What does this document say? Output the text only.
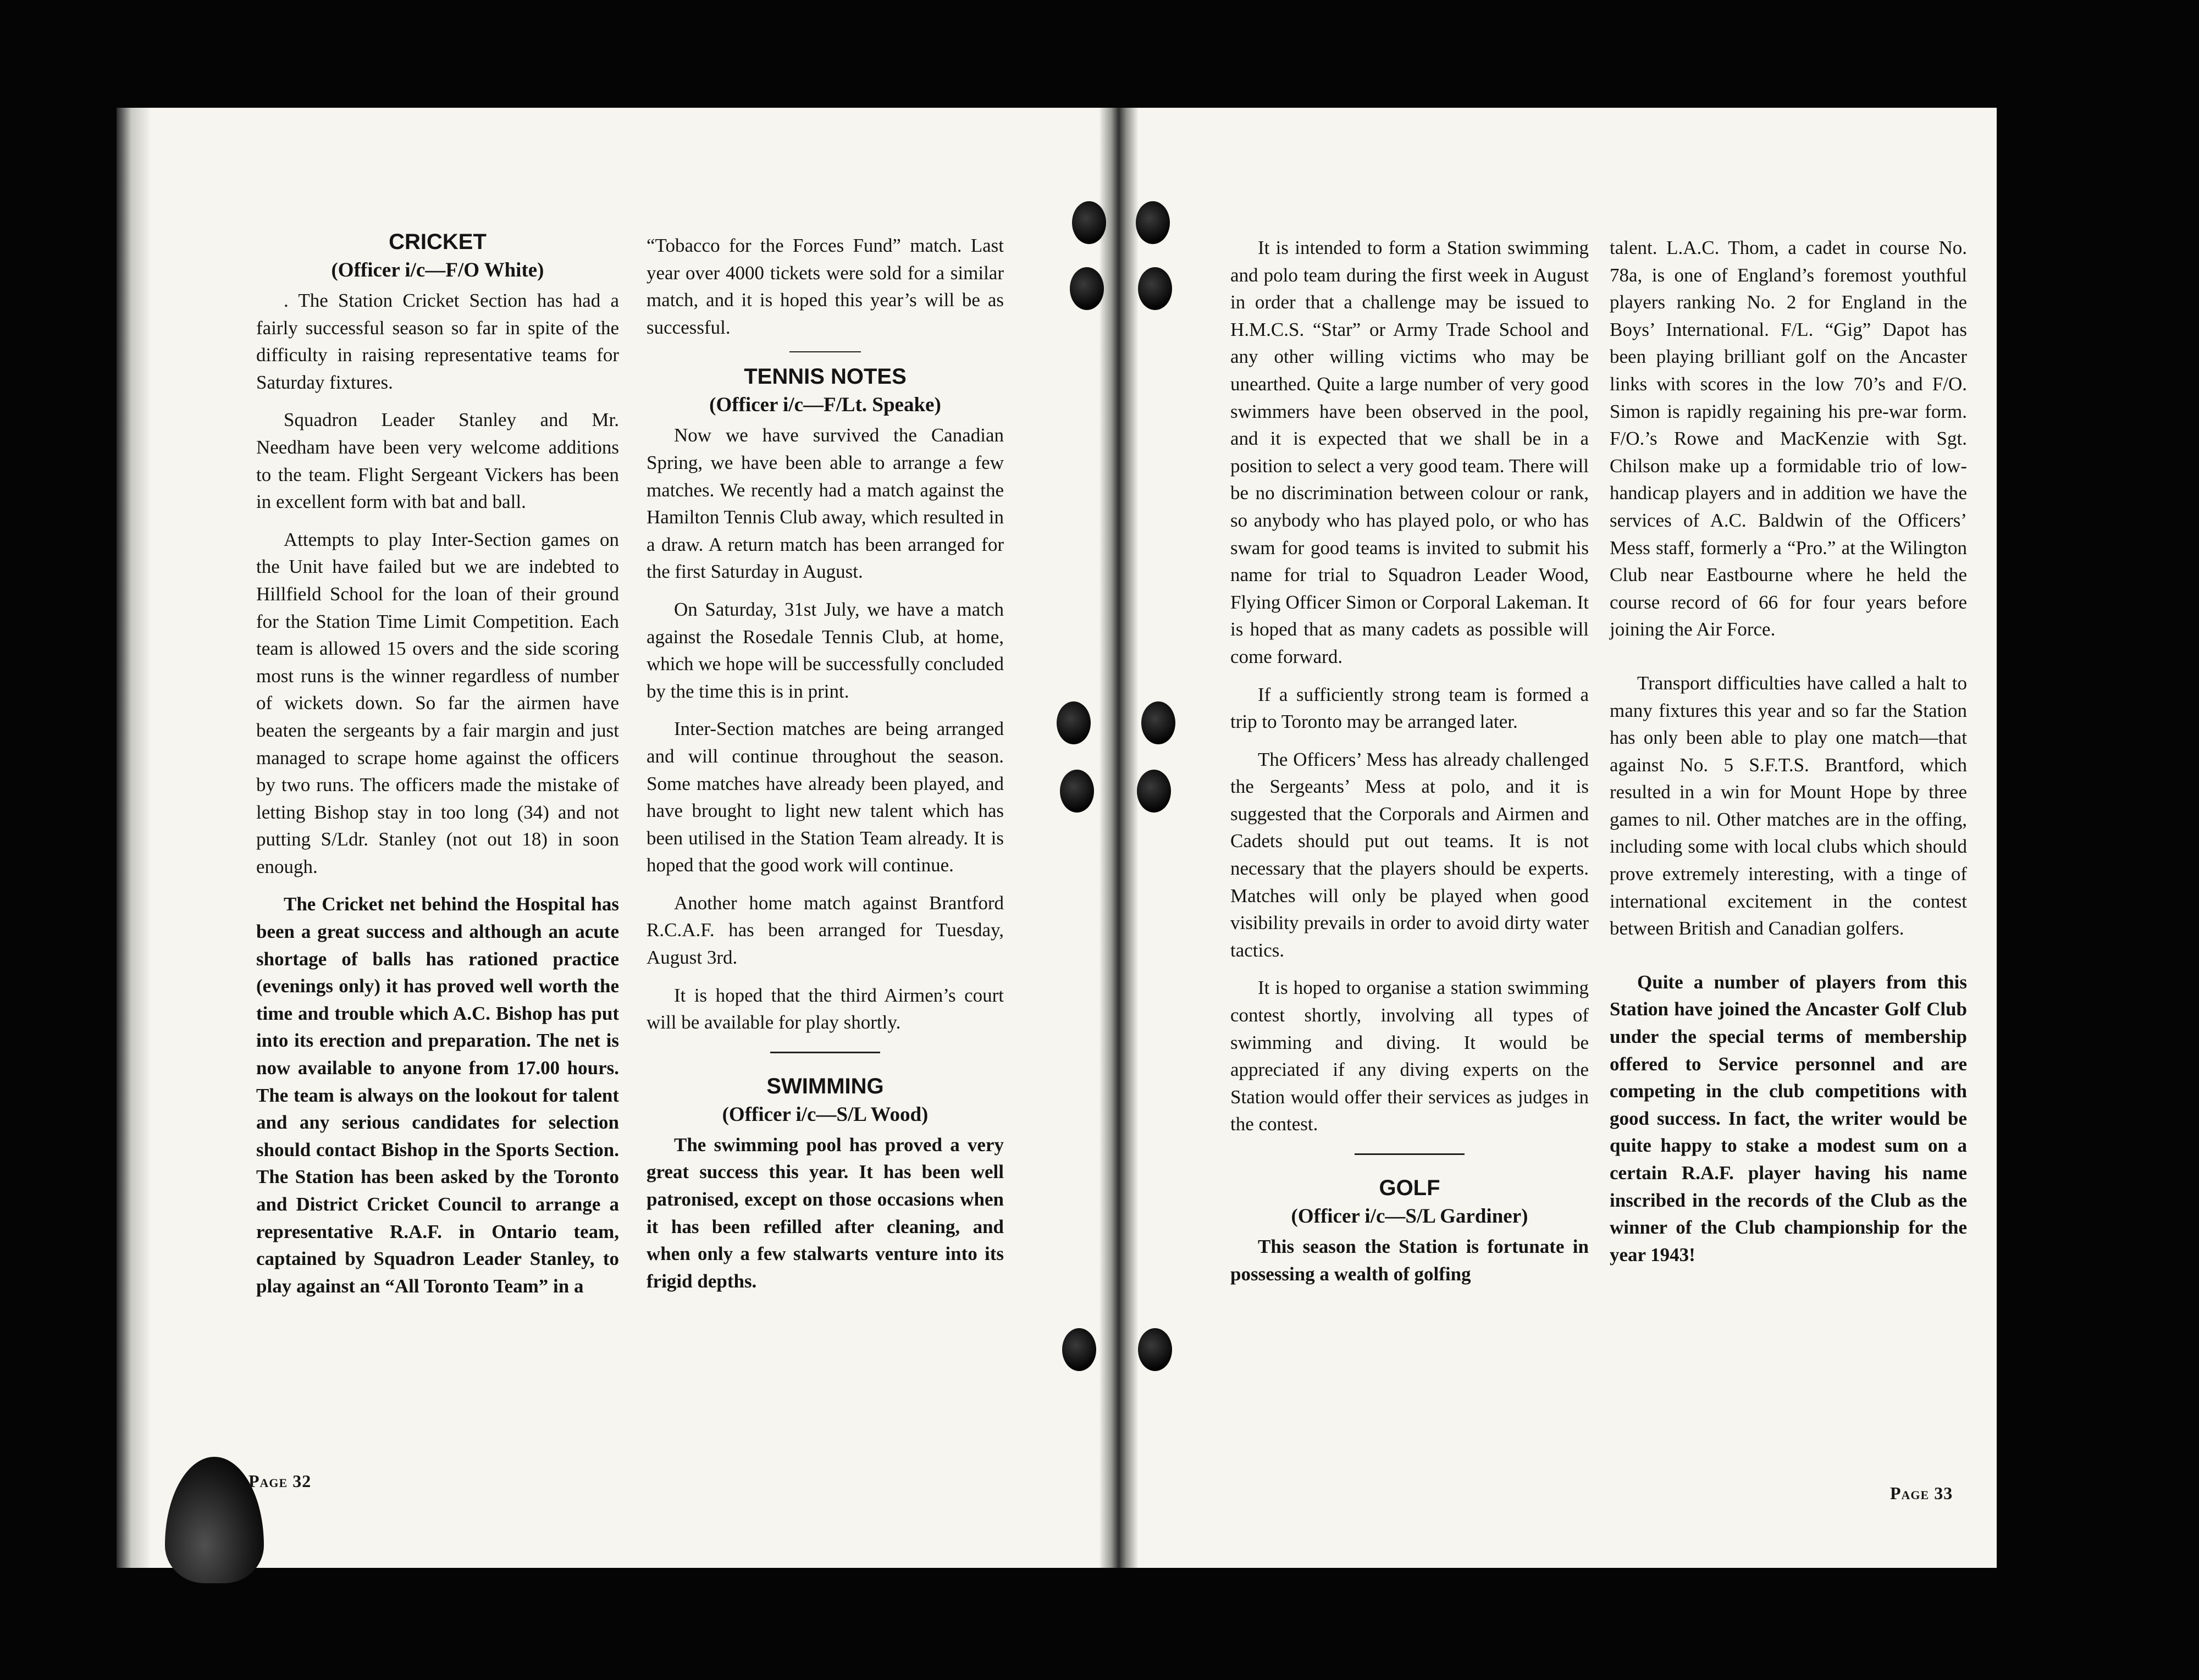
CRICKET
(Officer i/c—F/O White)

. The Station Cricket Section has had a fairly successful season so far in spite of the difficulty in raising representative teams for Saturday fixtures.

Squadron Leader Stanley and Mr. Needham have been very welcome additions to the team. Flight Sergeant Vickers has been in excellent form with bat and ball.

Attempts to play Inter-Section games on the Unit have failed but we are indebted to Hillfield School for the loan of their ground for the Station Time Limit Competition. Each team is allowed 15 overs and the side scoring most runs is the winner regardless of number of wickets down. So far the airmen have beaten the sergeants by a fair margin and just managed to scrape home against the officers by two runs. The officers made the mistake of letting Bishop stay in too long (34) and not putting S/Ldr. Stanley (not out 18) in soon enough.

The Cricket net behind the Hospital has been a great success and although an acute shortage of balls has rationed practice (evenings only) it has proved well worth the time and trouble which A.C. Bishop has put into its erection and preparation. The net is now available to anyone from 17.00 hours. The team is always on the lookout for talent and any serious candidates for selection should contact Bishop in the Sports Section. The Station has been asked by the Toronto and District Cricket Council to arrange a representative R.A.F. in Ontario team, captained by Squadron Leader Stanley, to play against an “All Toronto Team” in a

“Tobacco for the Forces Fund” match. Last year over 4000 tickets were sold for a similar match, and it is hoped this year’s will be as successful.

TENNIS NOTES
(Officer i/c—F/Lt. Speake)

Now we have survived the Canadian Spring, we have been able to arrange a few matches. We recently had a match against the Hamilton Tennis Club away, which resulted in a draw. A return match has been arranged for the first Saturday in August.

On Saturday, 31st July, we have a match against the Rosedale Tennis Club, at home, which we hope will be successfully concluded by the time this is in print.

Inter-Section matches are being arranged and will continue throughout the season. Some matches have already been played, and have brought to light new talent which has been utilised in the Station Team already. It is hoped that the good work will continue.

Another home match against Brantford R.C.A.F. has been arranged for Tuesday, August 3rd.

It is hoped that the third Airmen’s court will be available for play shortly.

SWIMMING
(Officer i/c—S/L Wood)

The swimming pool has proved a very great success this year. It has been well patronised, except on those occasions when it has been refilled after cleaning, and when only a few stalwarts venture into its frigid depths.

Page 32

It is intended to form a Station swimming and polo team during the first week in August in order that a challenge may be issued to H.M.C.S. “Star” or Army Trade School and any other willing victims who may be unearthed. Quite a large number of very good swimmers have been observed in the pool, and it is expected that we shall be in a position to select a very good team. There will be no discrimination between colour or rank, so anybody who has played polo, or who has swam for good teams is invited to submit his name for trial to Squadron Leader Wood, Flying Officer Simon or Corporal Lakeman. It is hoped that as many cadets as possible will come forward.

If a sufficiently strong team is formed a trip to Toronto may be arranged later.

The Officers’ Mess has already challenged the Sergeants’ Mess at polo, and it is suggested that the Corporals and Airmen and Cadets should put out teams. It is not necessary that the players should be experts. Matches will only be played when good visibility prevails in order to avoid dirty water tactics.

It is hoped to organise a station swimming contest shortly, involving all types of swimming and diving. It would be appreciated if any diving experts on the Station would offer their services as judges in the contest.

GOLF
(Officer i/c—S/L Gardiner)

This season the Station is fortunate in possessing a wealth of golfing

talent. L.A.C. Thom, a cadet in course No. 78a, is one of England’s foremost youthful players ranking No. 2 for England in the Boys’ International. F/L. “Gig” Dapot has been playing brilliant golf on the Ancaster links with scores in the low 70’s and F/O. Simon is rapidly regaining his pre-war form. F/O.’s Rowe and MacKenzie with Sgt. Chilson make up a formidable trio of low-handicap players and in addition we have the services of A.C. Baldwin of the Officers’ Mess staff, formerly a “Pro.” at the Wilington Club near Eastbourne where he held the course record of 66 for four years before joining the Air Force.

Transport difficulties have called a halt to many fixtures this year and so far the Station has only been able to play one match—that against No. 5 S.F.T.S. Brantford, which resulted in a win for Mount Hope by three games to nil. Other matches are in the offing, including some with local clubs which should prove extremely interesting, with a tinge of international excitement in the contest between British and Canadian golfers.

Quite a number of players from this Station have joined the Ancaster Golf Club under the special terms of membership offered to Service personnel and are competing in the club competitions with good success. In fact, the writer would be quite happy to stake a modest sum on a certain R.A.F. player having his name inscribed in the records of the Club as the winner of the Club championship for the year 1943!

Page 33
